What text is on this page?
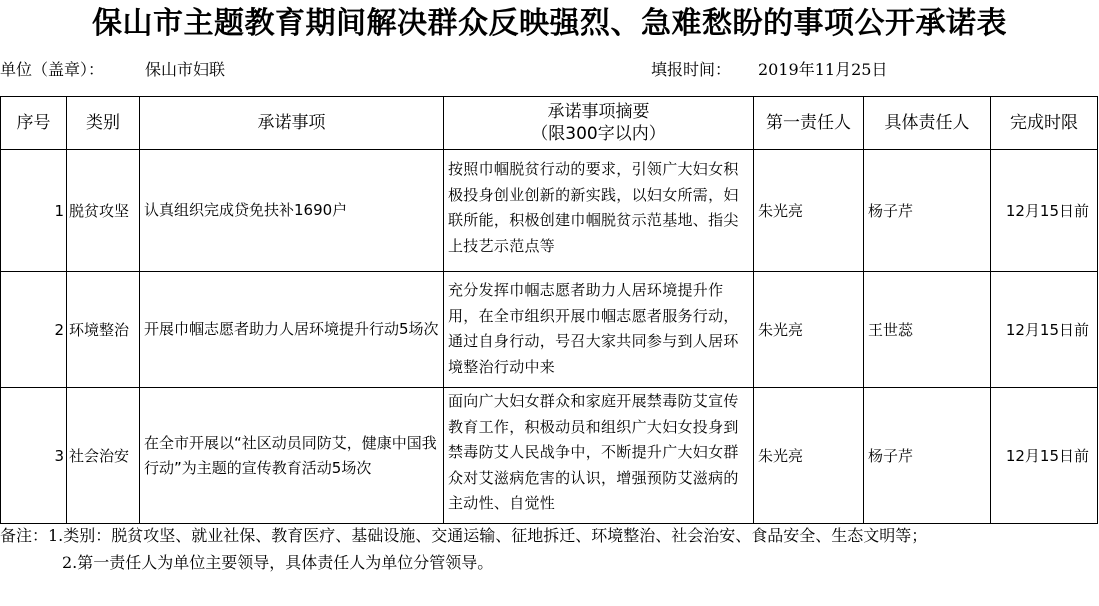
保山市主题教育期间解决群众反映强烈、急难愁盼的事项公开承诺表
单位（盖章）：	保山市妇联	填报时间： 2019年11月25日
序号	类别	承诺事项	承诺事项摘要
（限300字以内）	第一责任人	具体责任人	完成时限
1	脱贫攻坚	认真组织完成贷免扶补1690户	按照巾帼脱贫行动的要求，引领广大妇女积极投身创业创新的新实践，以妇女所需，妇联所能，积极创建巾帼脱贫示范基地、指尖上技艺示范点等	朱光亮	杨子芹	12月15日前
2	环境整治	开展巾帼志愿者助力人居环境提升行动5场次	充分发挥巾帼志愿者助力人居环境提升作用，在全市组织开展巾帼志愿者服务行动，通过自身行动，号召大家共同参与到人居环境整治行动中来	朱光亮	王世蕊	12月15日前
3	社会治安	在全市开展以“社区动员同防艾，健康中国我行动”为主题的宣传教育活动5场次	面向广大妇女群众和家庭开展禁毒防艾宣传教育工作，积极动员和组织广大妇女投身到禁毒防艾人民战争中，不断提升广大妇女群众对艾滋病危害的认识，增强预防艾滋病的主动性、自觉性	朱光亮	杨子芹	12月15日前

备注：1.类别：脱贫攻坚、就业社保、教育医疗、基础设施、交通运输、征地拆迁、环境整治、社会治安、食品安全、生态文明等；

2.第一责任人为单位主要领导，具体责任人为单位分管领导。
